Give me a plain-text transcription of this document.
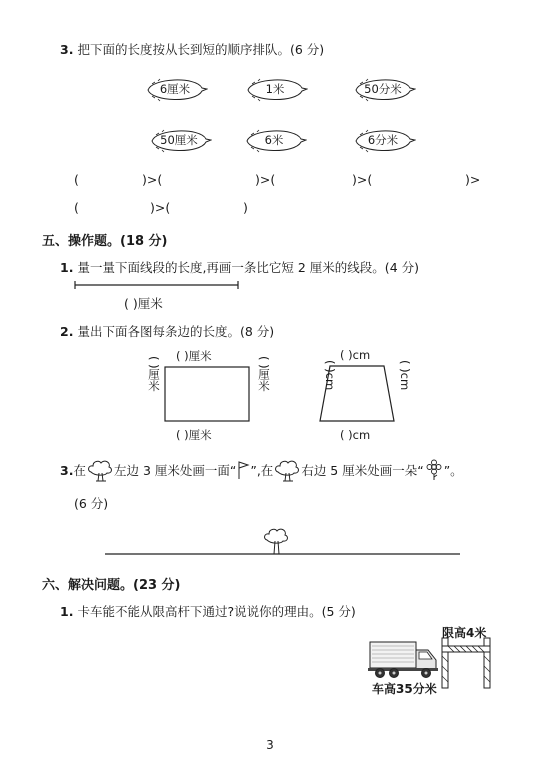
3. 把下面的长度按从长到短的顺序排队。(6 分)
6厘米	1米	50分米
50厘米	6米	6分米
(	)>(	)>(	)>(	)>
(	)>(	)
五、操作题。(18 分)
1. 量一量下面线段的长度,再画一条比它短 2 厘米的线段。(4 分)
( )厘米
2. 量出下面各图每条边的长度。(8 分)
( )厘米
( )厘米
( )厘米	( )厘米
( )cm
( )cm
( )cm	( )cm
3. 在 左边 3 厘米处画一面“ ”,在 右边 5 厘米处画一朵“ ”。
(6 分)
六、解决问题。(23 分)
1. 卡车能不能从限高杆下通过?说说你的理由。(5 分)
限高4米
车高35分米
3
